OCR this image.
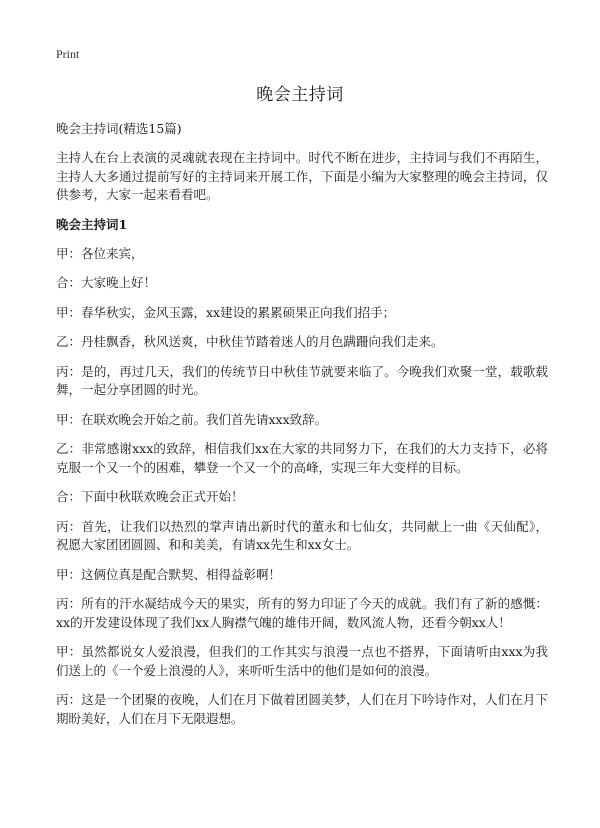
Print
晚会主持词

晚会主持词(精选15篇)

主持人在台上表演的灵魂就表现在主持词中。时代不断在进步，主持词与我们不再陌生，主持人大多通过提前写好的主持词来开展工作，下面是小编为大家整理的晚会主持词，仅供参考，大家一起来看看吧。

晚会主持词1

甲：各位来宾，

合：大家晚上好！

甲：春华秋实，金风玉露，xx建设的累累硕果正向我们招手；

乙：丹桂飘香，秋风送爽，中秋佳节踏着迷人的月色蹒跚向我们走来。

丙：是的，再过几天，我们的传统节日中秋佳节就要来临了。今晚我们欢聚一堂，载歌载舞，一起分享团圆的时光。

甲：在联欢晚会开始之前。我们首先请xxx致辞。

乙：非常感谢xxx的致辞，相信我们xx在大家的共同努力下，在我们的大力支持下，必将克服一个又一个的困难，攀登一个又一个的高峰，实现三年大变样的目标。

合：下面中秋联欢晚会正式开始！

丙：首先，让我们以热烈的掌声请出新时代的董永和七仙女，共同献上一曲《天仙配》，祝愿大家团团圆圆、和和美美，有请xx先生和xx女士。

甲：这俩位真是配合默契、相得益彰啊！

丙：所有的汗水凝结成今天的果实，所有的努力印证了今天的成就。我们有了新的感慨：xx的开发建设体现了我们xx人胸襟气魄的雄伟开阔，数风流人物，还看今朝xx人！

甲：虽然都说女人爱浪漫，但我们的工作其实与浪漫一点也不搭界，下面请听由xxx为我们送上的《一个爱上浪漫的人》，来听听生活中的他们是如何的浪漫。

丙：这是一个团聚的夜晚，人们在月下做着团圆美梦，人们在月下吟诗作对，人们在月下期盼美好，人们在月下无限遐想。
